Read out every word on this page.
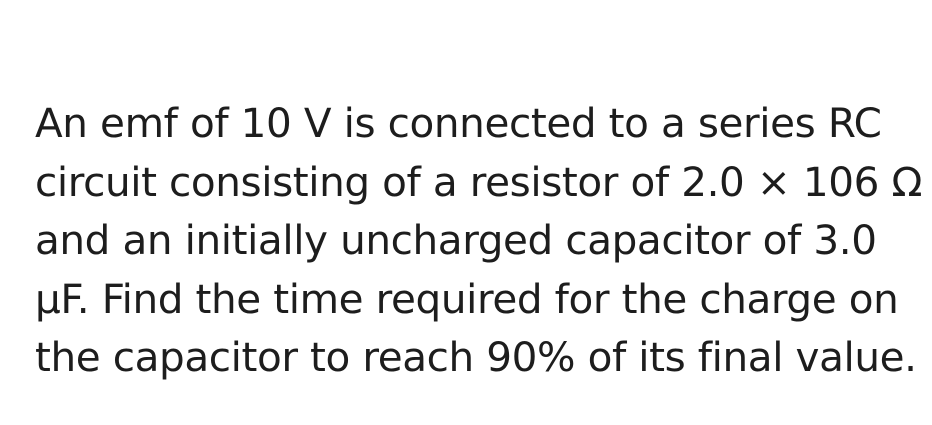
An emf of 10 V is connected to a series RC
circuit consisting of a resistor of 2.0 × 106 Ω
and an initially uncharged capacitor of 3.0
μF. Find the time required for the charge on
the capacitor to reach 90% of its final value.
